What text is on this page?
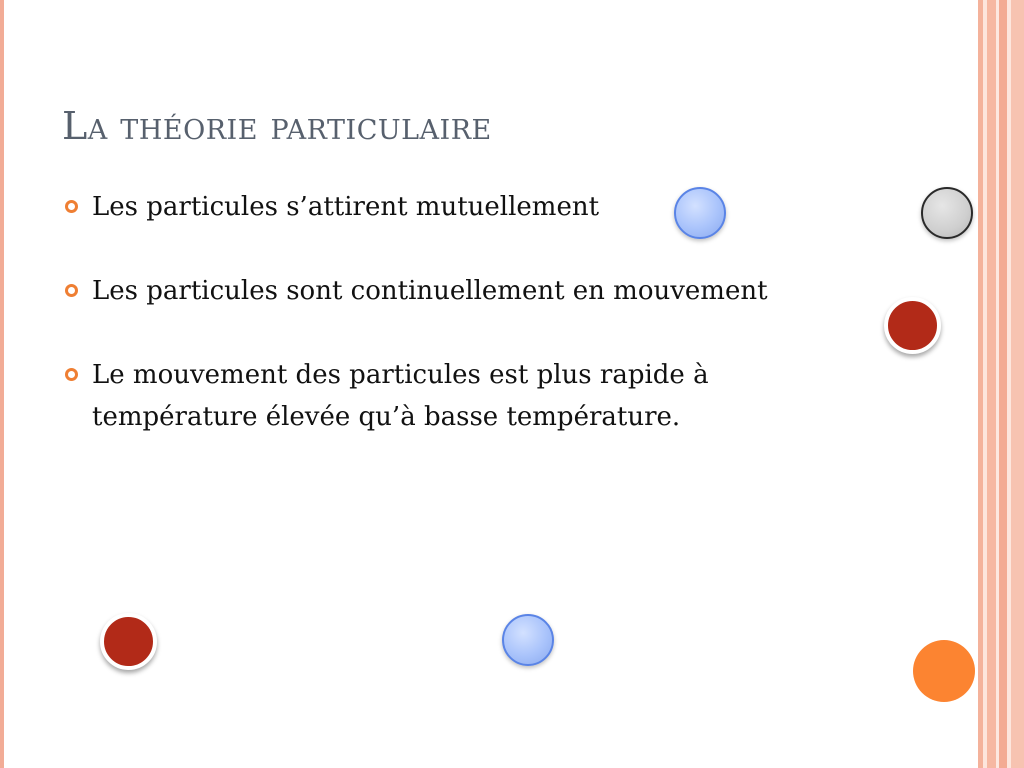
La théorie particulaire
Les particules s’attirent mutuellement
Les particules sont continuellement en mouvement
Le mouvement des particules est plus rapide à température élevée qu’à basse température.
